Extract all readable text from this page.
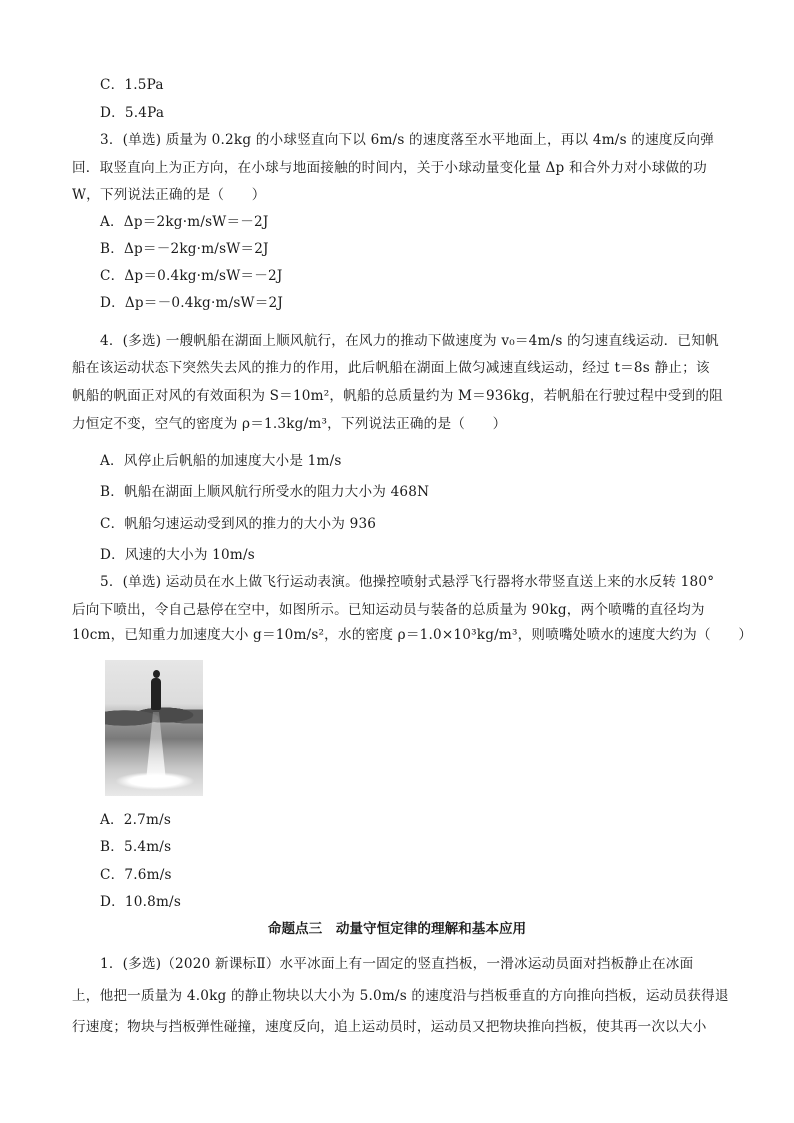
C．1.5Pa
D．5.4Pa
3．(单选) 质量为 0.2kg 的小球竖直向下以 6m/s 的速度落至水平地面上，再以 4m/s 的速度反向弹
回．取竖直向上为正方向，在小球与地面接触的时间内，关于小球动量变化量 Δp 和合外力对小球做的功
W，下列说法正确的是（　　）
A．Δp＝2kg·m/sW＝－2J
B．Δp＝－2kg·m/sW＝2J
C．Δp＝0.4kg·m/sW＝－2J
D．Δp＝－0.4kg·m/sW＝2J
4．(多选) 一艘帆船在湖面上顺风航行，在风力的推动下做速度为 v₀＝4m/s 的匀速直线运动．已知帆
船在该运动状态下突然失去风的推力的作用，此后帆船在湖面上做匀减速直线运动，经过 t＝8s 静止；该
帆船的帆面正对风的有效面积为 S＝10m²，帆船的总质量约为 M＝936kg，若帆船在行驶过程中受到的阻
力恒定不变，空气的密度为 ρ＝1.3kg/m³，下列说法正确的是（　　）
A．风停止后帆船的加速度大小是 1m/s
B．帆船在湖面上顺风航行所受水的阻力大小为 468N
C．帆船匀速运动受到风的推力的大小为 936
D．风速的大小为 10m/s
5．(单选) 运动员在水上做飞行运动表演。他操控喷射式悬浮飞行器将水带竖直送上来的水反转 180°
后向下喷出，令自己悬停在空中，如图所示。已知运动员与装备的总质量为 90kg，两个喷嘴的直径均为
10cm，已知重力加速度大小 g＝10m/s²，水的密度 ρ＝1.0×10³kg/m³，则喷嘴处喷水的速度大约为（　　）
A．2.7m/s
B．5.4m/s
C．7.6m/s
D．10.8m/s
命题点三　动量守恒定律的理解和基本应用
1．(多选)（2020 新课标Ⅱ）水平冰面上有一固定的竖直挡板，一滑冰运动员面对挡板静止在冰面
上，他把一质量为 4.0kg 的静止物块以大小为 5.0m/s 的速度沿与挡板垂直的方向推向挡板，运动员获得退
行速度；物块与挡板弹性碰撞，速度反向，追上运动员时，运动员又把物块推向挡板，使其再一次以大小
